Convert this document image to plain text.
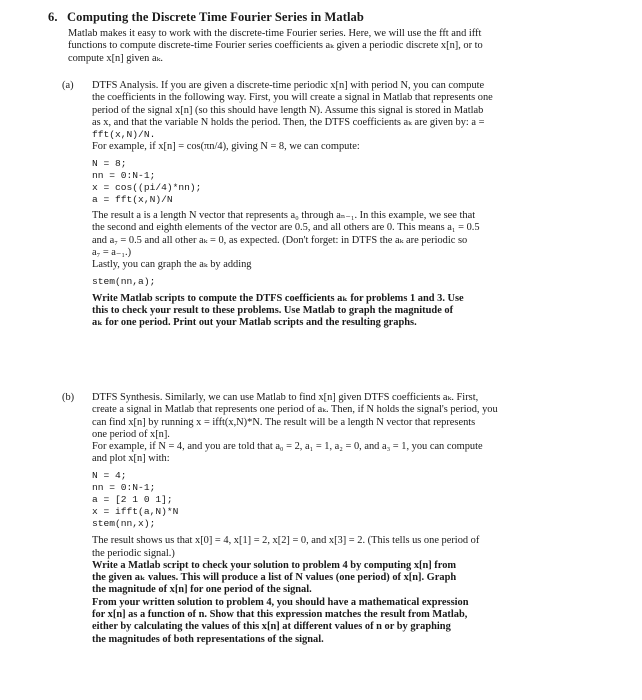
6. Computing the Discrete Time Fourier Series in Matlab
Matlab makes it easy to work with the discrete-time Fourier series. Here, we will use the fft and ifft
functions to compute discrete-time Fourier series coefficients aₖ given a periodic discrete x[n], or to
compute x[n] given aₖ.
(a) DTFS Analysis. If you are given a discrete-time periodic x[n] with period N, you can compute
the coefficients in the following way. First, you will create a signal in Matlab that represents one
period of the signal x[n] (so this should have length N). Assume this signal is stored in Matlab
as x, and that the variable N holds the period. Then, the DTFS coefficients aₖ are given by: a =
fft(x,N)/N.
For example, if x[n] = cos(πn/4), giving N = 8, we can compute:
N = 8;
nn = 0:N-1;
x = cos((pi/4)*nn);
a = fft(x,N)/N
The result a is a length N vector that represents a₀ through aₙ₋₁. In this example, we see that
the second and eighth elements of the vector are 0.5, and all others are 0. This means a₁ = 0.5
and a₇ = 0.5 and all other aₖ = 0, as expected. (Don't forget: in DTFS the aₖ are periodic so
a₇ = a₋₁.)
Lastly, you can graph the aₖ by adding
stem(nn,a);
Write Matlab scripts to compute the DTFS coefficients aₖ for problems 1 and 3. Use
this to check your result to these problems. Use Matlab to graph the magnitude of
aₖ for one period. Print out your Matlab scripts and the resulting graphs.
(b) DTFS Synthesis. Similarly, we can use Matlab to find x[n] given DTFS coefficients aₖ. First,
create a signal in Matlab that represents one period of aₖ. Then, if N holds the signal's period, you
can find x[n] by running x = ifft(x,N)*N. The result will be a length N vector that represents
one period of x[n].
For example, if N = 4, and you are told that a₀ = 2, a₁ = 1, a₂ = 0, and a₃ = 1, you can compute
and plot x[n] with:
N = 4;
nn = 0:N-1;
a = [2 1 0 1];
x = ifft(a,N)*N
stem(nn,x);
The result shows us that x[0] = 4, x[1] = 2, x[2] = 0, and x[3] = 2. (This tells us one period of
the periodic signal.)
Write a Matlab script to check your solution to problem 4 by computing x[n] from
the given aₖ values. This will produce a list of N values (one period) of x[n]. Graph
the magnitude of x[n] for one period of the signal.
From your written solution to problem 4, you should have a mathematical expression
for x[n] as a function of n. Show that this expression matches the result from Matlab,
either by calculating the values of this x[n] at different values of n or by graphing
the magnitudes of both representations of the signal.
